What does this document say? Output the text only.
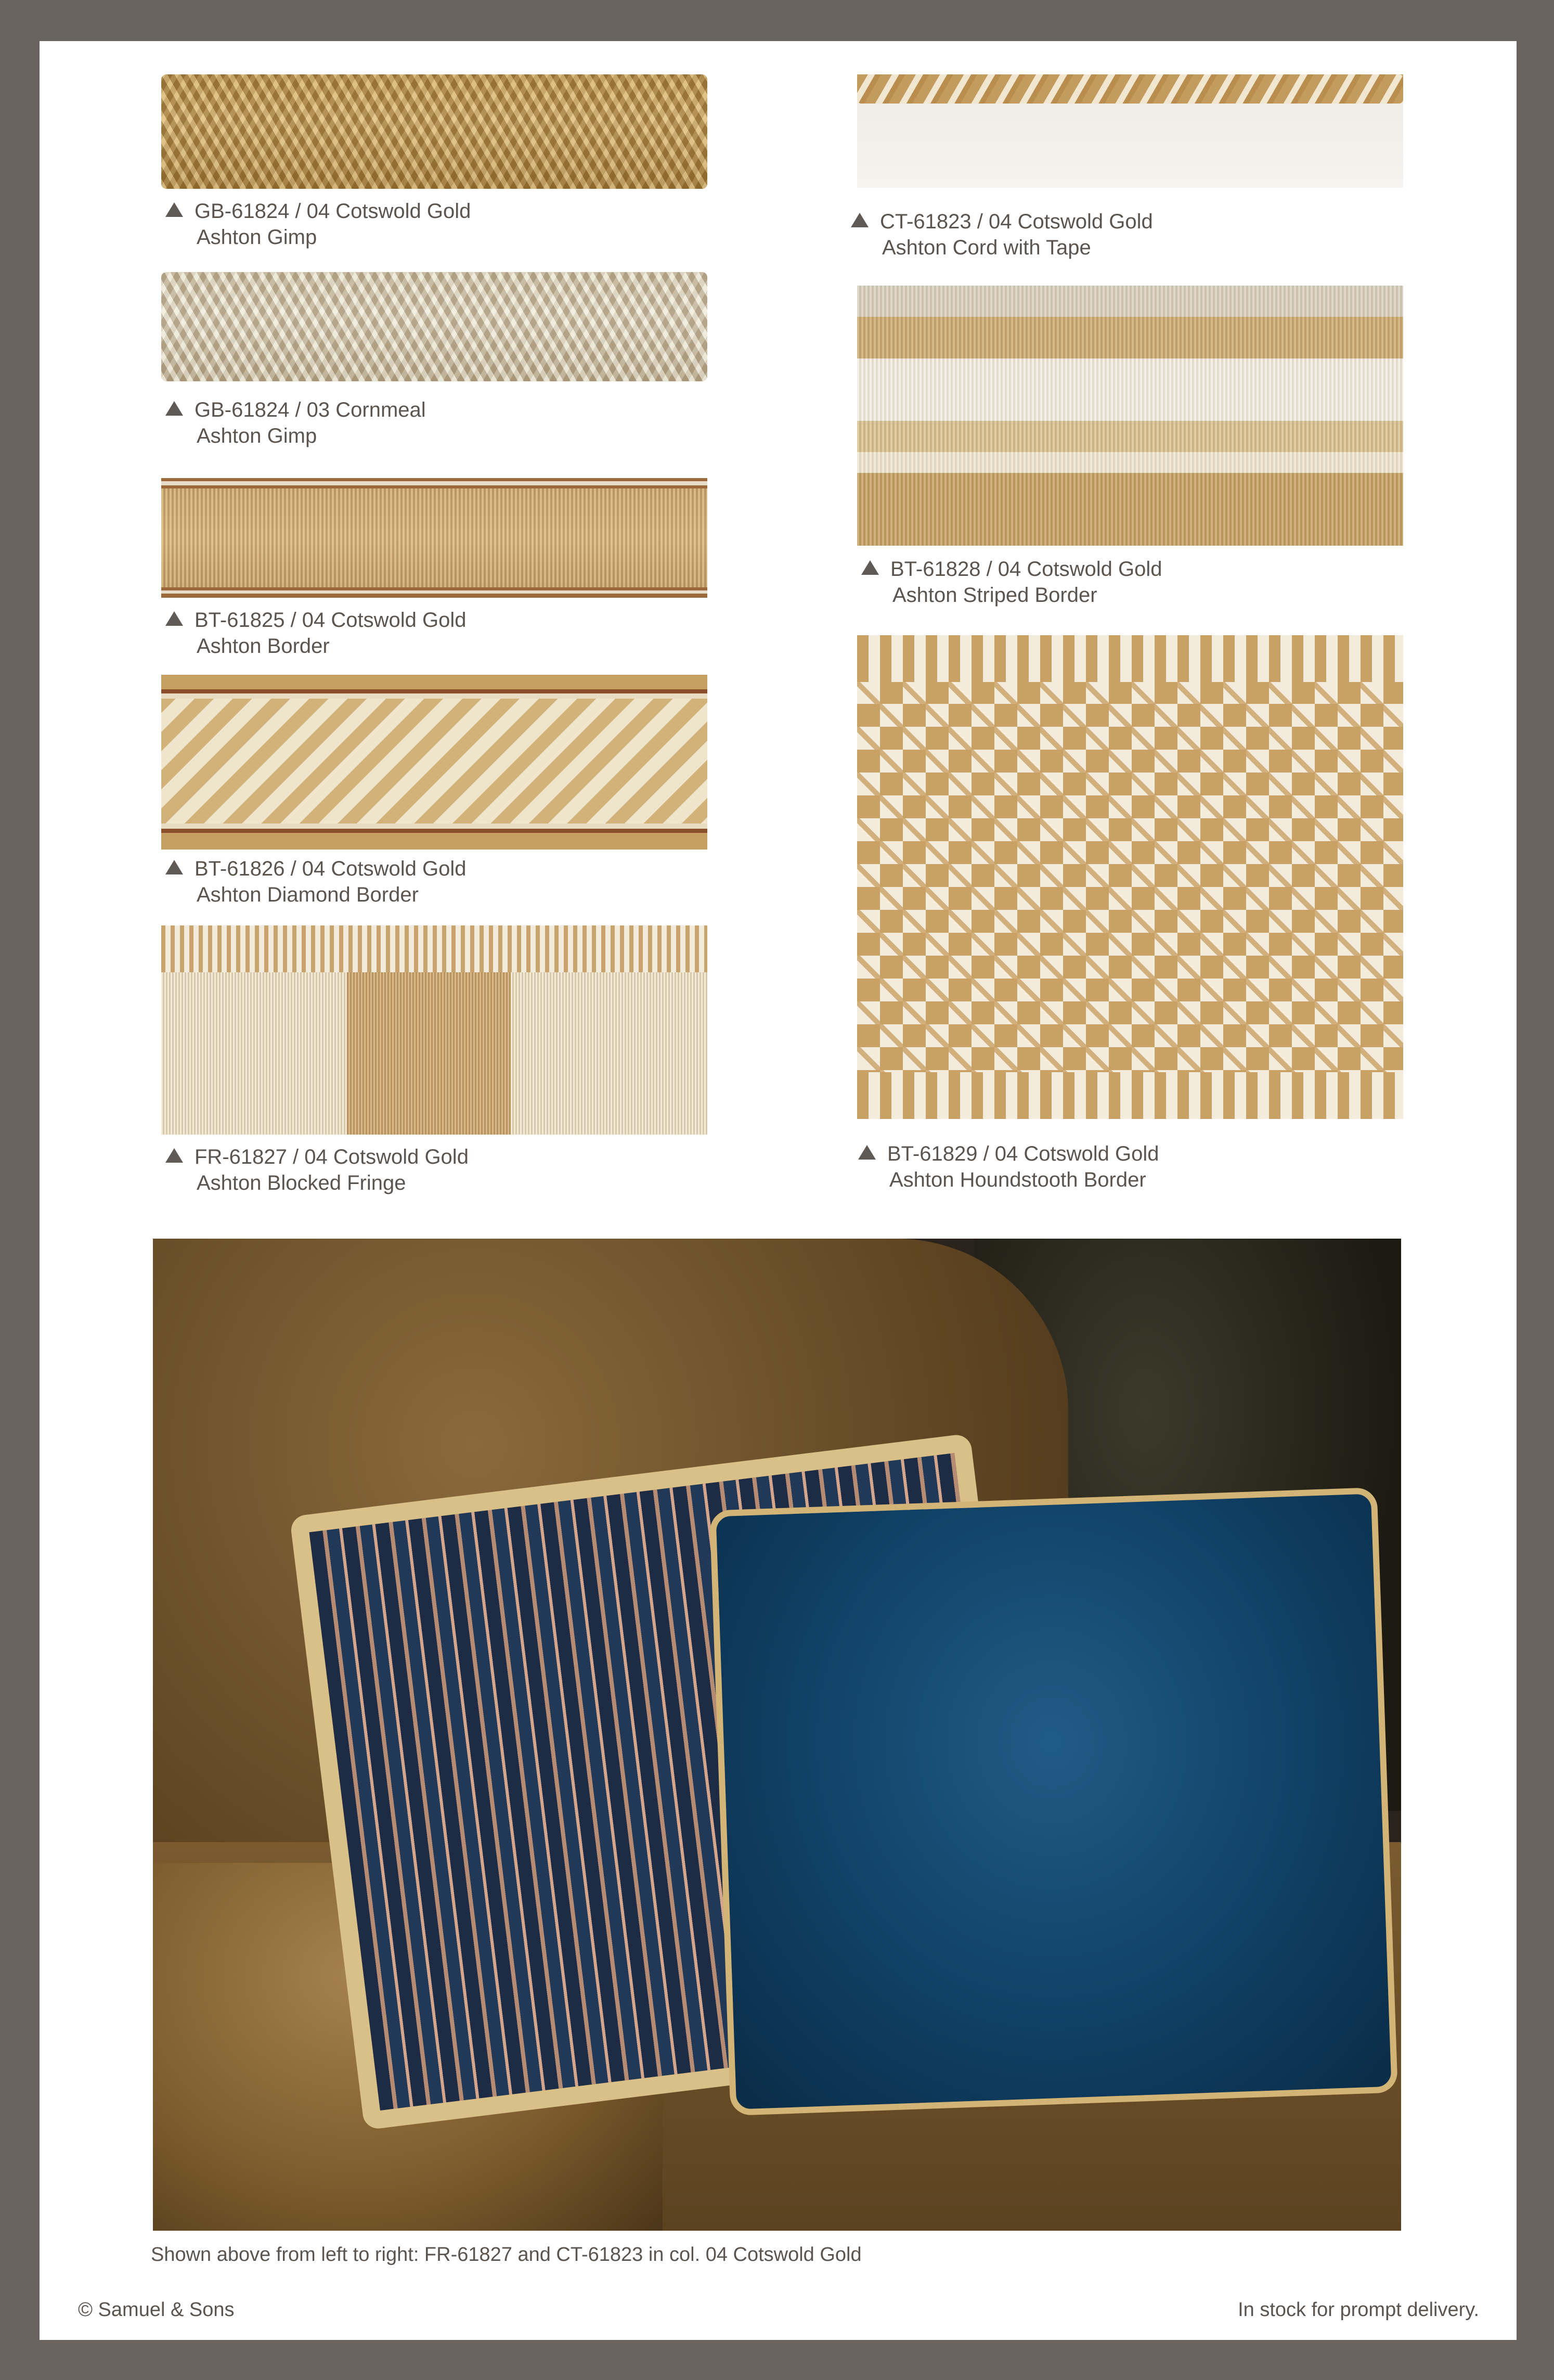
GB-61824 / 04 Cotswold Gold
Ashton Gimp
GB-61824 / 03 Cornmeal
Ashton Gimp
BT-61825 / 04 Cotswold Gold
Ashton Border
BT-61826 / 04 Cotswold Gold
Ashton Diamond Border
FR-61827 / 04 Cotswold Gold
Ashton Blocked Fringe
CT-61823 / 04 Cotswold Gold
Ashton Cord with Tape
BT-61828 / 04 Cotswold Gold
Ashton Striped Border
BT-61829 / 04 Cotswold Gold
Ashton Houndstooth Border
Shown above from left to right: FR-61827 and CT-61823 in col. 04 Cotswold Gold
© Samuel & Sons	In stock for prompt delivery.
